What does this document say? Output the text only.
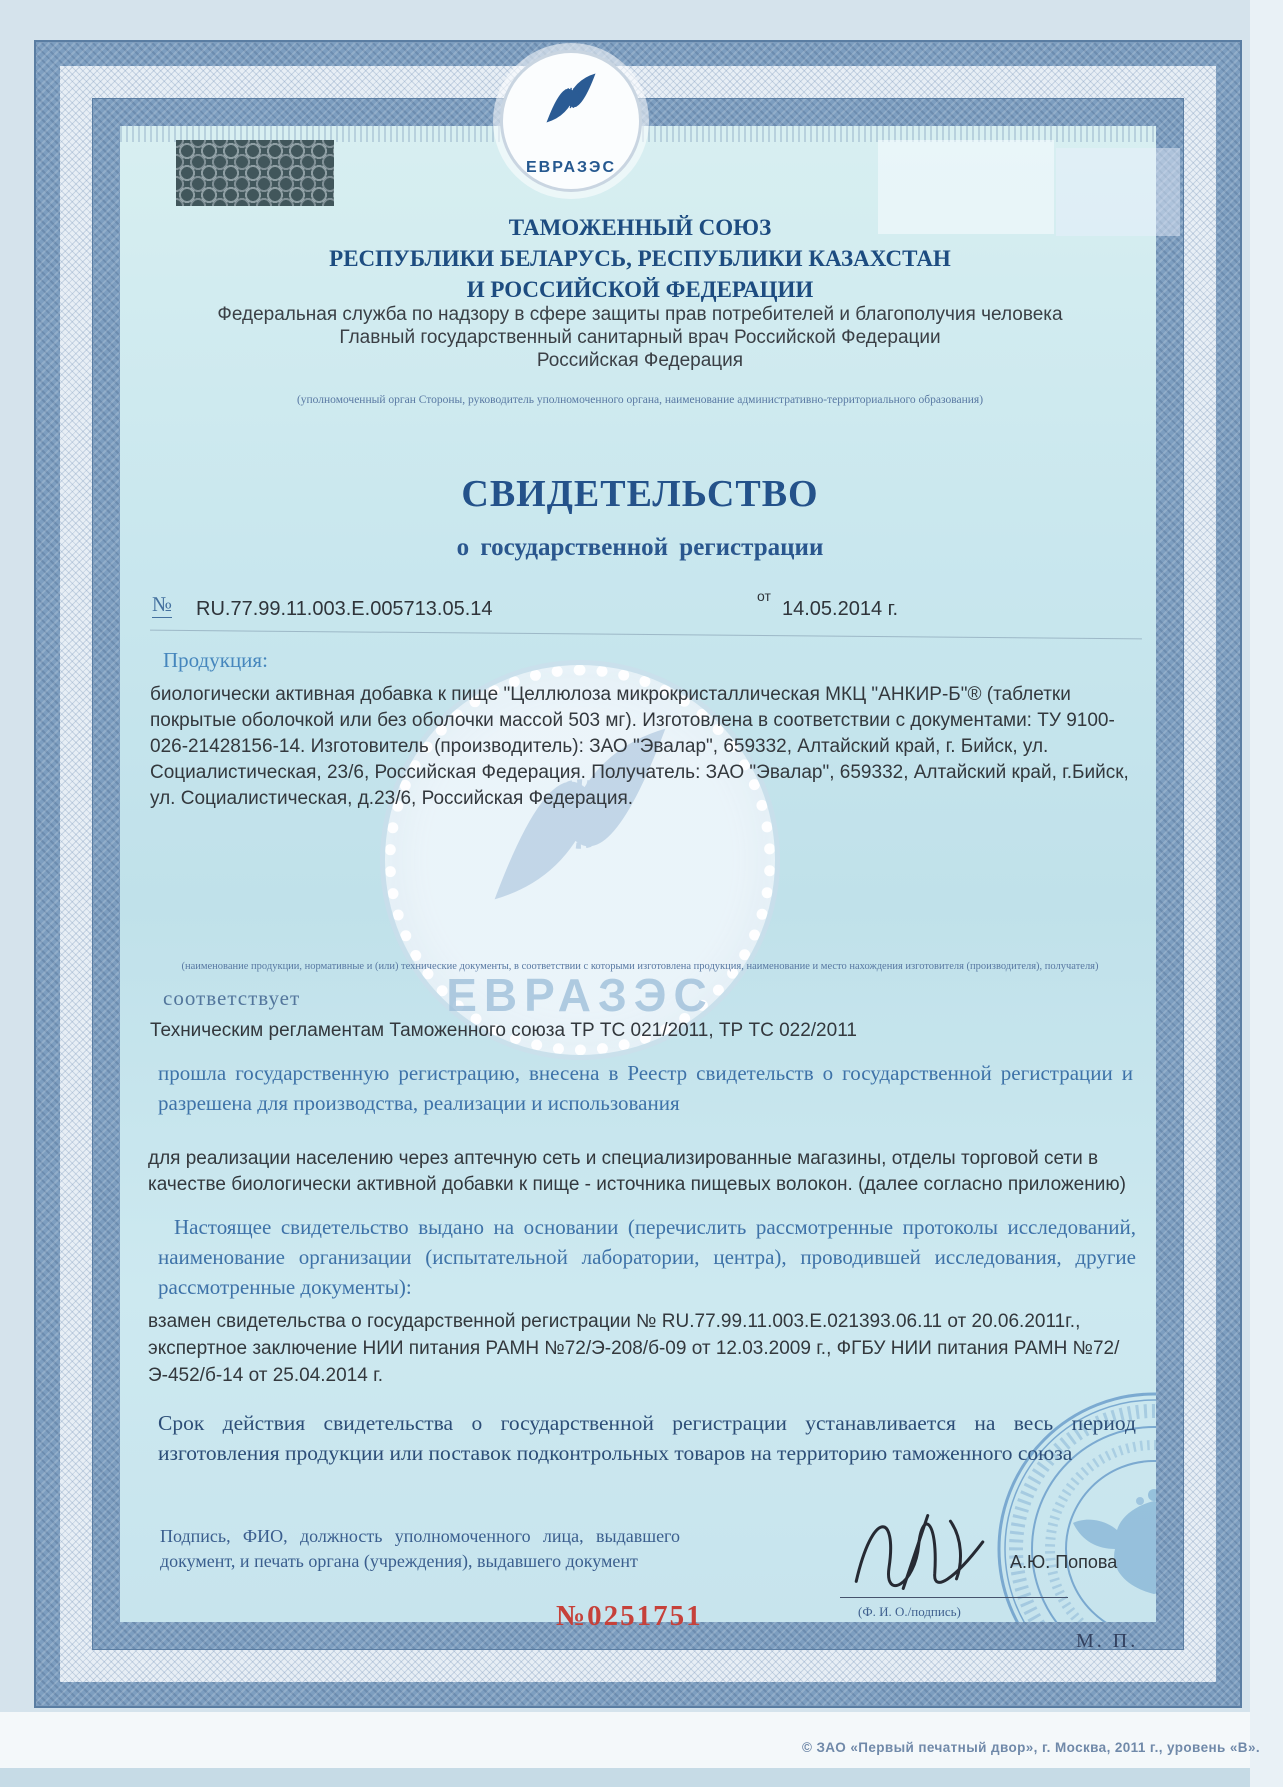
ЕВРАЗЭС
ЕВРАЗЭС
ТАМОЖЕННЫЙ СОЮЗ
РЕСПУБЛИКИ БЕЛАРУСЬ, РЕСПУБЛИКИ КАЗАХСТАН
И РОССИЙСКОЙ ФЕДЕРАЦИИ
Федеральная служба по надзору в сфере защиты прав потребителей и благополучия человека
Главный государственный санитарный врач Российской Федерации
Российская Федерация
(уполномоченный орган Стороны, руководитель уполномоченного органа, наименование административно-территориального образования)
СВИДЕТЕЛЬСТВО
о государственной регистрации
№ RU.77.99.11.003.E.005713.05.14
от
14.05.2014 г.
Продукция:
биологически активная добавка к пище "Целлюлоза микрокристаллическая МКЦ "АНКИР-Б"® (таблетки покрытые оболочкой или без оболочки массой 503 мг). Изготовлена в соответствии с документами: ТУ 9100-026-21428156-14. Изготовитель (производитель): ЗАО "Эвалар", 659332, Алтайский край, г. Бийск, ул. Социалистическая, 23/6, Российская Федерация. Получатель: ЗАО "Эвалар", 659332, Алтайский край, г.Бийск, ул. Социалистическая, д.23/6, Российская Федерация.
(наименование продукции, нормативные и (или) технические документы, в соответствии с которыми изготовлена продукция, наименование и место нахождения изготовителя (производителя), получателя)
соответствует
Техническим регламентам Таможенного союза ТР ТС 021/2011, ТР ТС 022/2011
прошла государственную регистрацию, внесена в Реестр свидетельств о государственной регистрации и разрешена для производства, реализации и использования
для реализации населению через аптечную сеть и специализированные магазины, отделы торговой сети в качестве биологически активной добавки к пище - источника пищевых волокон. (далее согласно приложению)
Настоящее свидетельство выдано на основании (перечислить рассмотренные протоколы исследований, наименование организации (испытательной лаборатории, центра), проводившей исследования, другие рассмотренные документы):
взамен свидетельства о государственной регистрации № RU.77.99.11.003.E.021393.06.11 от 20.06.2011г., экспертное заключение НИИ питания РАМН №72/Э-208/б-09 от 12.03.2009 г., ФГБУ НИИ питания РАМН №72/Э-452/б-14 от 25.04.2014 г.
Срок действия свидетельства о государственной регистрации устанавливается на весь период изготовления продукции или поставок подконтрольных товаров на территорию таможенного союза
Подпись, ФИО, должность уполномоченного лица, выдавшего документ, и печать органа (учреждения), выдавшего документ	А.Ю. Попова
(Ф. И. О./подпись)
№0251751
М. П.
© ЗАО «Первый печатный двор», г. Москва, 2011 г., уровень «В».
